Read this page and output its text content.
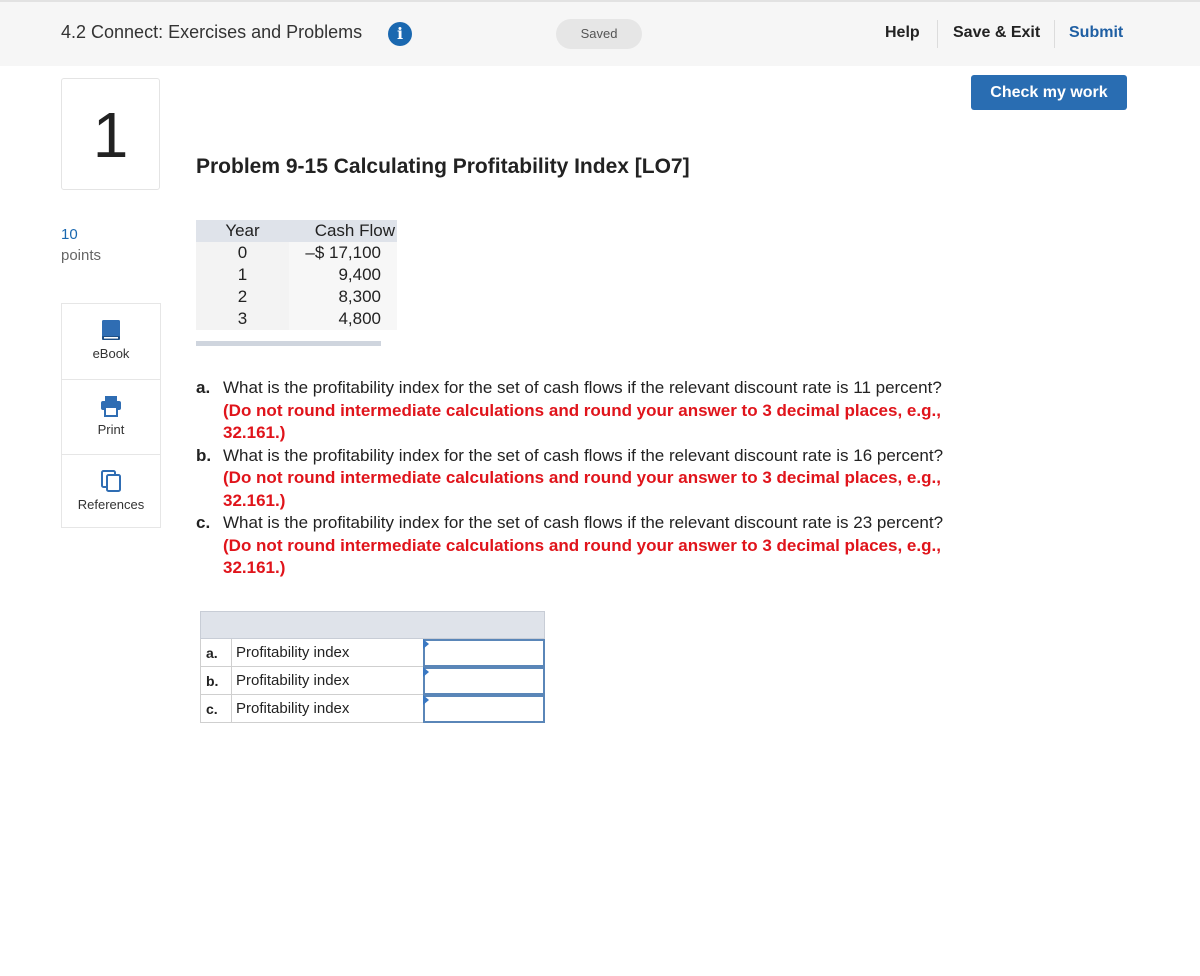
4.2 Connect: Exercises and Problems	i	Saved	Help Save & Exit Submit
Check my work
1
10
points
eBook
Print
References
Problem 9-15 Calculating Profitability Index [LO7]
Year	Cash Flow
0	–$ 17,100
1	9,400
2	8,300
3	4,800
a. What is the profitability index for the set of cash flows if the relevant discount rate is 11 percent? (Do not round intermediate calculations and round your answer to 3 decimal places, e.g., 32.161.)
b. What is the profitability index for the set of cash flows if the relevant discount rate is 16 percent? (Do not round intermediate calculations and round your answer to 3 decimal places, e.g., 32.161.)
c. What is the profitability index for the set of cash flows if the relevant discount rate is 23 percent? (Do not round intermediate calculations and round your answer to 3 decimal places, e.g., 32.161.)
a.	Profitability index
b.	Profitability index
c.	Profitability index
